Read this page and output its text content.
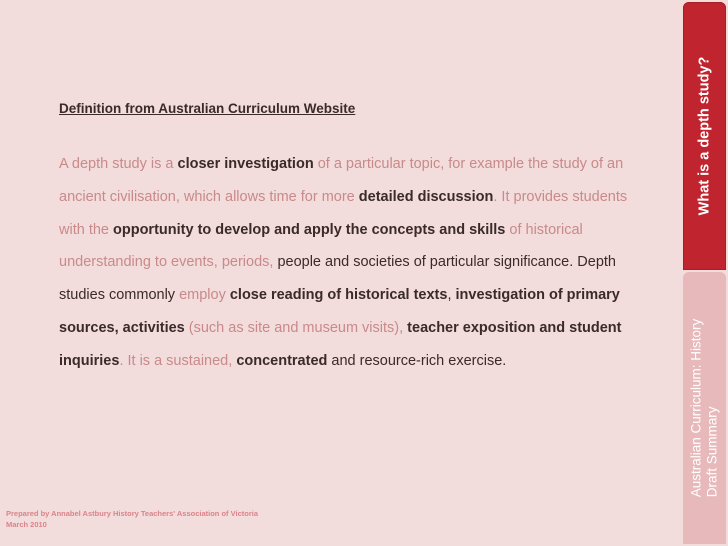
Definition from Australian Curriculum Website
A depth study is a closer investigation of a particular topic, for example the study of an ancient civilisation, which allows time for more detailed discussion. It provides students with the opportunity to develop and apply the concepts and skills of historical understanding to events, periods, people and societies of particular significance. Depth studies commonly employ close reading of historical texts, investigation of primary sources, activities (such as site and museum visits), teacher exposition and student inquiries. It is a sustained, concentrated and resource-rich exercise.
What is a depth study?
Australian Curriculum: History Draft Summary
Prepared by Annabel Astbury History Teachers' Association of Victoria
March 2010
